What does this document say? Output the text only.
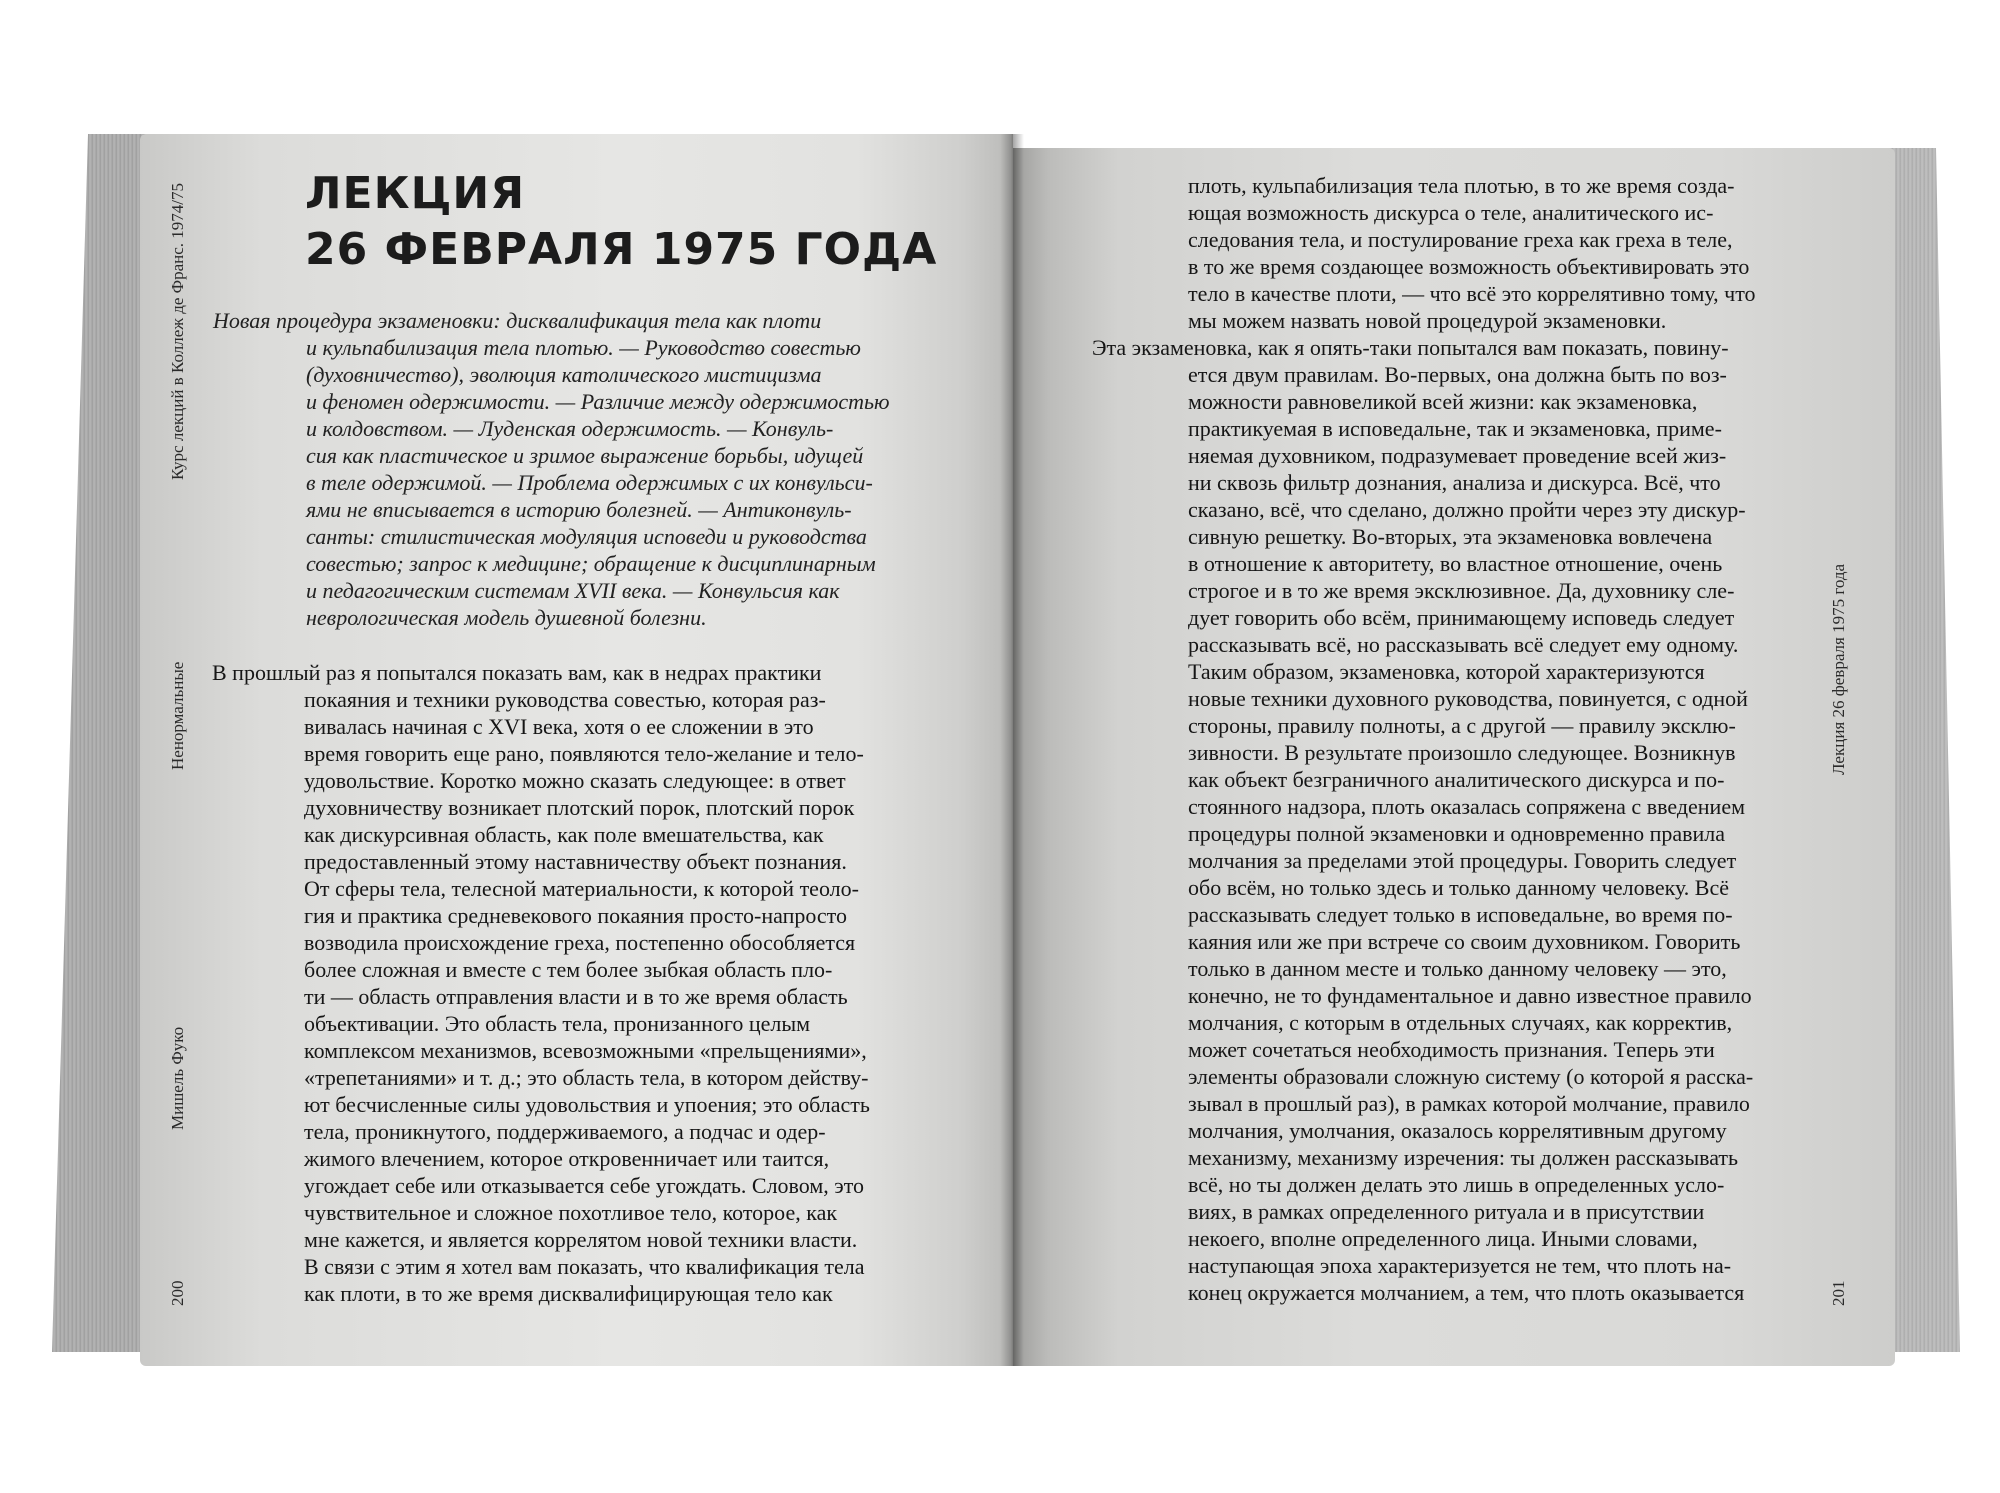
Курс лекций в Коллеж де Франс. 1974/75
Ненормальные
Мишель Фуко
200
Лекция 26 февраля 1975 года
201
ЛЕКЦИЯ
26 ФЕВРАЛЯ 1975 ГОДА
Новая процедура экзаменовки: дисквалификация тела как плоти
и кульпабилизация тела плотью. — Руководство совестью
(духовничество), эволюция католического мистицизма
и феномен одержимости. — Различие между одержимостью
и колдовством. — Луденская одержимость. — Конвуль-
сия как пластическое и зримое выражение борьбы, идущей
в теле одержимой. — Проблема одержимых с их конвульси-
ями не вписывается в историю болезней. — Антиконвуль-
санты: стилистическая модуляция исповеди и руководства
совестью; запрос к медицине; обращение к дисциплинарным
и педагогическим системам XVII века. — Конвульсия как
неврологическая модель душевной болезни.
В прошлый раз я попытался показать вам, как в недрах практики
покаяния и техники руководства совестью, которая раз-
вивалась начиная с XVI века, хотя о ее сложении в это
время говорить еще рано, появляются тело-желание и тело-
удовольствие. Коротко можно сказать следующее: в ответ
духовничеству возникает плотский порок, плотский порок
как дискурсивная область, как поле вмешательства, как
предоставленный этому наставничеству объект познания.
От сферы тела, телесной материальности, к которой теоло-
гия и практика средневекового покаяния просто-напросто
возводила происхождение греха, постепенно обособляется
более сложная и вместе с тем более зыбкая область пло-
ти — область отправления власти и в то же время область
объективации. Это область тела, пронизанного целым
комплексом механизмов, всевозможными «прельщениями»,
«трепетаниями» и т. д.; это область тела, в котором действу-
ют бесчисленные силы удовольствия и упоения; это область
тела, проникнутого, поддерживаемого, а подчас и одер-
жимого влечением, которое откровенничает или таится,
угождает себе или отказывается себе угождать. Словом, это
чувствительное и сложное похотливое тело, которое, как
мне кажется, и является коррелятом новой техники власти.
В связи с этим я хотел вам показать, что квалификация тела
как плоти, в то же время дисквалифицирующая тело как
плоть, кульпабилизация тела плотью, в то же время созда-
ющая возможность дискурса о теле, аналитического ис-
следования тела, и постулирование греха как греха в теле,
в то же время создающее возможность объективировать это
тело в качестве плоти, — что всё это коррелятивно тому, что
мы можем назвать новой процедурой экзаменовки.
Эта экзаменовка, как я опять-таки попытался вам показать, повину-
ется двум правилам. Во-первых, она должна быть по воз-
можности равновеликой всей жизни: как экзаменовка,
практикуемая в исповедальне, так и экзаменовка, приме-
няемая духовником, подразумевает проведение всей жиз-
ни сквозь фильтр дознания, анализа и дискурса. Всё, что
сказано, всё, что сделано, должно пройти через эту дискур-
сивную решетку. Во-вторых, эта экзаменовка вовлечена
в отношение к авторитету, во властное отношение, очень
строгое и в то же время эксклюзивное. Да, духовнику сле-
дует говорить обо всём, принимающему исповедь следует
рассказывать всё, но рассказывать всё следует ему одному.
Таким образом, экзаменовка, которой характеризуются
новые техники духовного руководства, повинуется, с одной
стороны, правилу полноты, а с другой — правилу эксклю-
зивности. В результате произошло следующее. Возникнув
как объект безграничного аналитического дискурса и по-
стоянного надзора, плоть оказалась сопряжена с введением
процедуры полной экзаменовки и одновременно правила
молчания за пределами этой процедуры. Говорить следует
обо всём, но только здесь и только данному человеку. Всё
рассказывать следует только в исповедальне, во время по-
каяния или же при встрече со своим духовником. Говорить
только в данном месте и только данному человеку — это,
конечно, не то фундаментальное и давно известное правило
молчания, с которым в отдельных случаях, как корректив,
может сочетаться необходимость признания. Теперь эти
элементы образовали сложную систему (о которой я расска-
зывал в прошлый раз), в рамках которой молчание, правило
молчания, умолчания, оказалось коррелятивным другому
механизму, механизму изречения: ты должен рассказывать
всё, но ты должен делать это лишь в определенных усло-
виях, в рамках определенного ритуала и в присутствии
некоего, вполне определенного лица. Иными словами,
наступающая эпоха характеризуется не тем, что плоть на-
конец окружается молчанием, а тем, что плоть оказывается
